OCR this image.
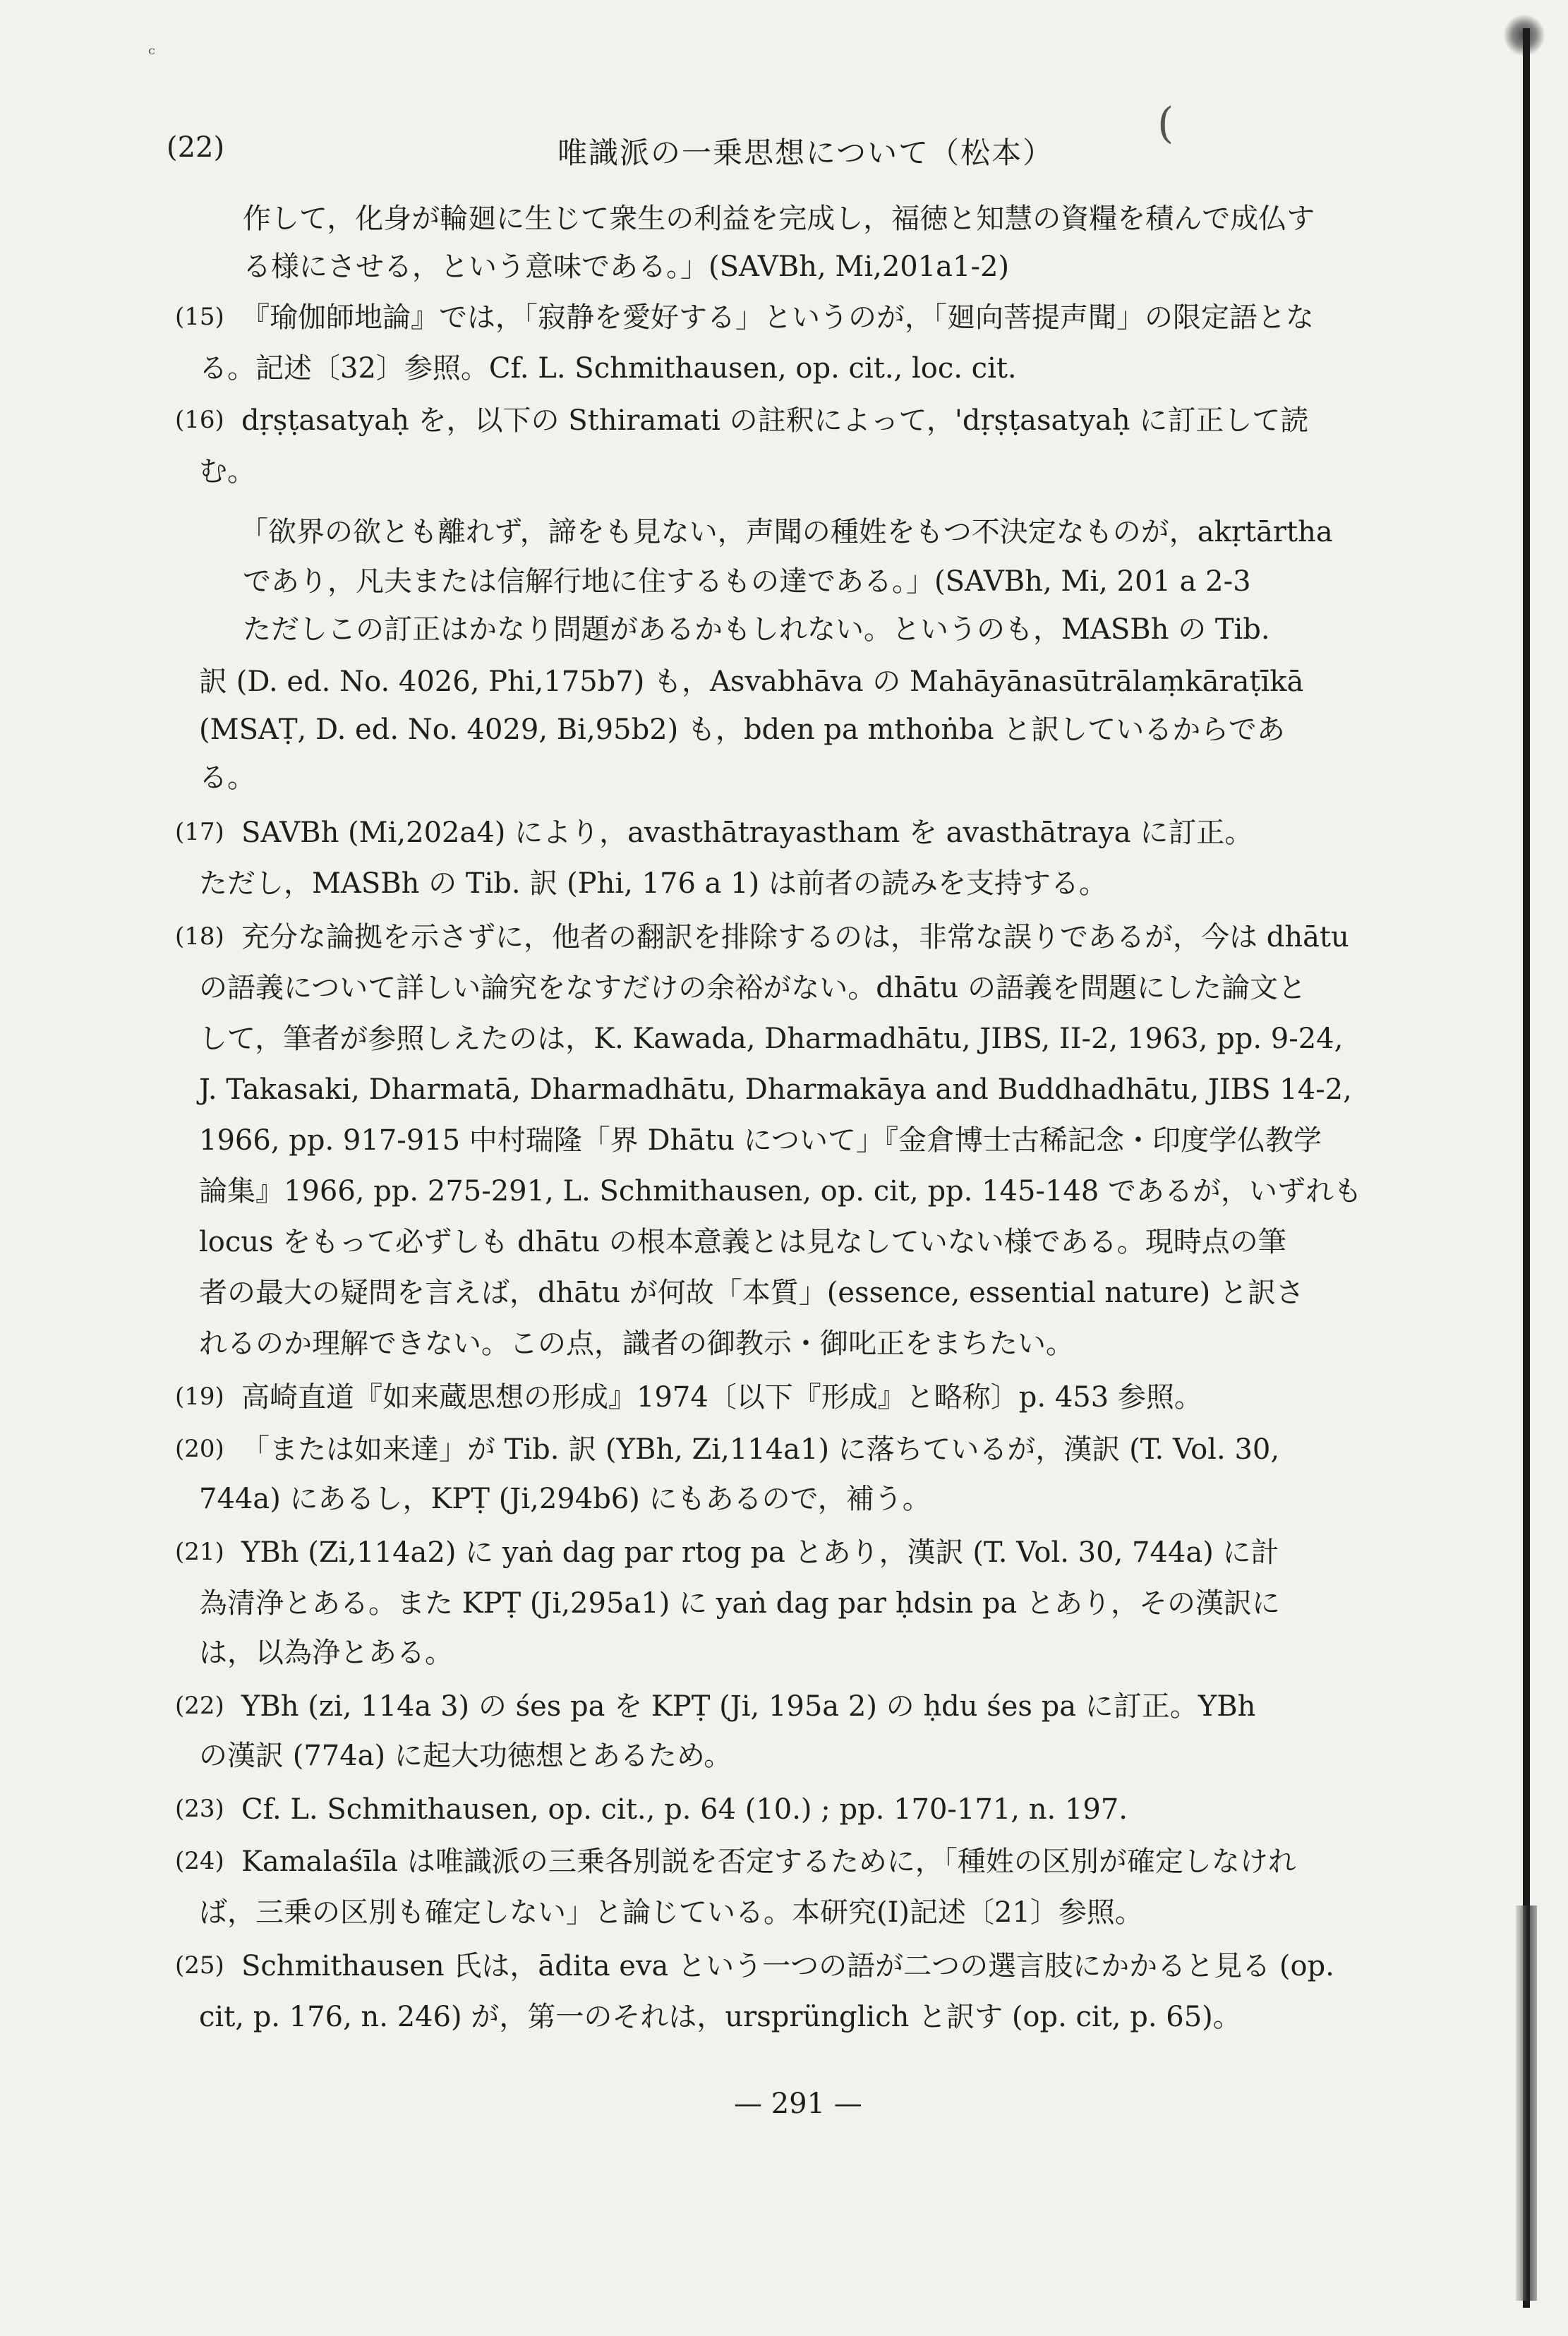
ᶜ
(
(22)	唯識派の一乗思想について（松本）
作して，化身が輪廻に生じて衆生の利益を完成し，福徳と知慧の資糧を積んで成仏す
る様にさせる，という意味である。」(SAVBh, Mi,201a1-2)
(15) 『瑜伽師地論』では，「寂静を愛好する」というのが，「廻向菩提声聞」の限定語とな
る。記述〔32〕参照。Cf. L. Schmithausen, op. cit., loc. cit.
(16) dṛṣṭasatyaḥ を，以下の Sthiramati の註釈によって，'dṛṣṭasatyaḥ に訂正して読
む。
「欲界の欲とも離れず，諦をも見ない，声聞の種姓をもつ不決定なものが，akṛtārtha
であり，凡夫または信解行地に住するもの達である。」(SAVBh, Mi, 201 a 2-3
ただしこの訂正はかなり問題があるかもしれない。というのも，MASBh の Tib.
訳 (D. ed. No. 4026, Phi,175b7) も，Asvabhāva の Mahāyānasūtrālaṃkāraṭīkā
(MSAṬ, D. ed. No. 4029, Bi,95b2) も，bden pa mthoṅba と訳しているからであ
る。
(17) SAVBh (Mi,202a4) により，avasthātrayastham を avasthātraya に訂正。
ただし，MASBh の Tib. 訳 (Phi, 176 a 1) は前者の読みを支持する。
(18) 充分な論拠を示さずに，他者の翻訳を排除するのは，非常な誤りであるが，今は dhātu
の語義について詳しい論究をなすだけの余裕がない。dhātu の語義を問題にした論文と
して，筆者が参照しえたのは，K. Kawada, Dharmadhātu, JIBS, II-2, 1963, pp. 9-24,
J. Takasaki, Dharmatā, Dharmadhātu, Dharmakāya and Buddhadhātu, JIBS 14-2,
1966, pp. 917-915 中村瑞隆「界 Dhātu について」『金倉博士古稀記念・印度学仏教学
論集』1966, pp. 275-291, L. Schmithausen, op. cit, pp. 145-148 であるが，いずれも
locus をもって必ずしも dhātu の根本意義とは見なしていない様である。現時点の筆
者の最大の疑問を言えば，dhātu が何故「本質」(essence, essential nature) と訳さ
れるのか理解できない。この点，識者の御教示・御叱正をまちたい。
(19) 高崎直道『如来蔵思想の形成』1974〔以下『形成』と略称〕p. 453 参照。
(20) 「または如来達」が Tib. 訳 (YBh, Zi,114a1) に落ちているが，漢訳 (T. Vol. 30,
744a) にあるし，KPṬ (Ji,294b6) にもあるので，補う。
(21) YBh (Zi,114a2) に yaṅ dag par rtog pa とあり，漢訳 (T. Vol. 30, 744a) に計
為清浄とある。また KPṬ (Ji,295a1) に yaṅ dag par ḥdsin pa とあり，その漢訳に
は，以為浄とある。
(22) YBh (zi, 114a 3) の śes pa を KPṬ (Ji, 195a 2) の ḥdu śes pa に訂正。YBh
の漢訳 (774a) に起大功徳想とあるため。
(23) Cf. L. Schmithausen, op. cit., p. 64 (10.) ; pp. 170-171, n. 197.
(24) Kamalaśīla は唯識派の三乗各別説を否定するために，「種姓の区別が確定しなけれ
ば，三乗の区別も確定しない」と論じている。本研究(I)記述〔21〕参照。
(25) Schmithausen 氏は，ādita eva という一つの語が二つの選言肢にかかると見る (op.
cit, p. 176, n. 246) が，第一のそれは，ursprünglich と訳す (op. cit, p. 65)。
— 291 —
